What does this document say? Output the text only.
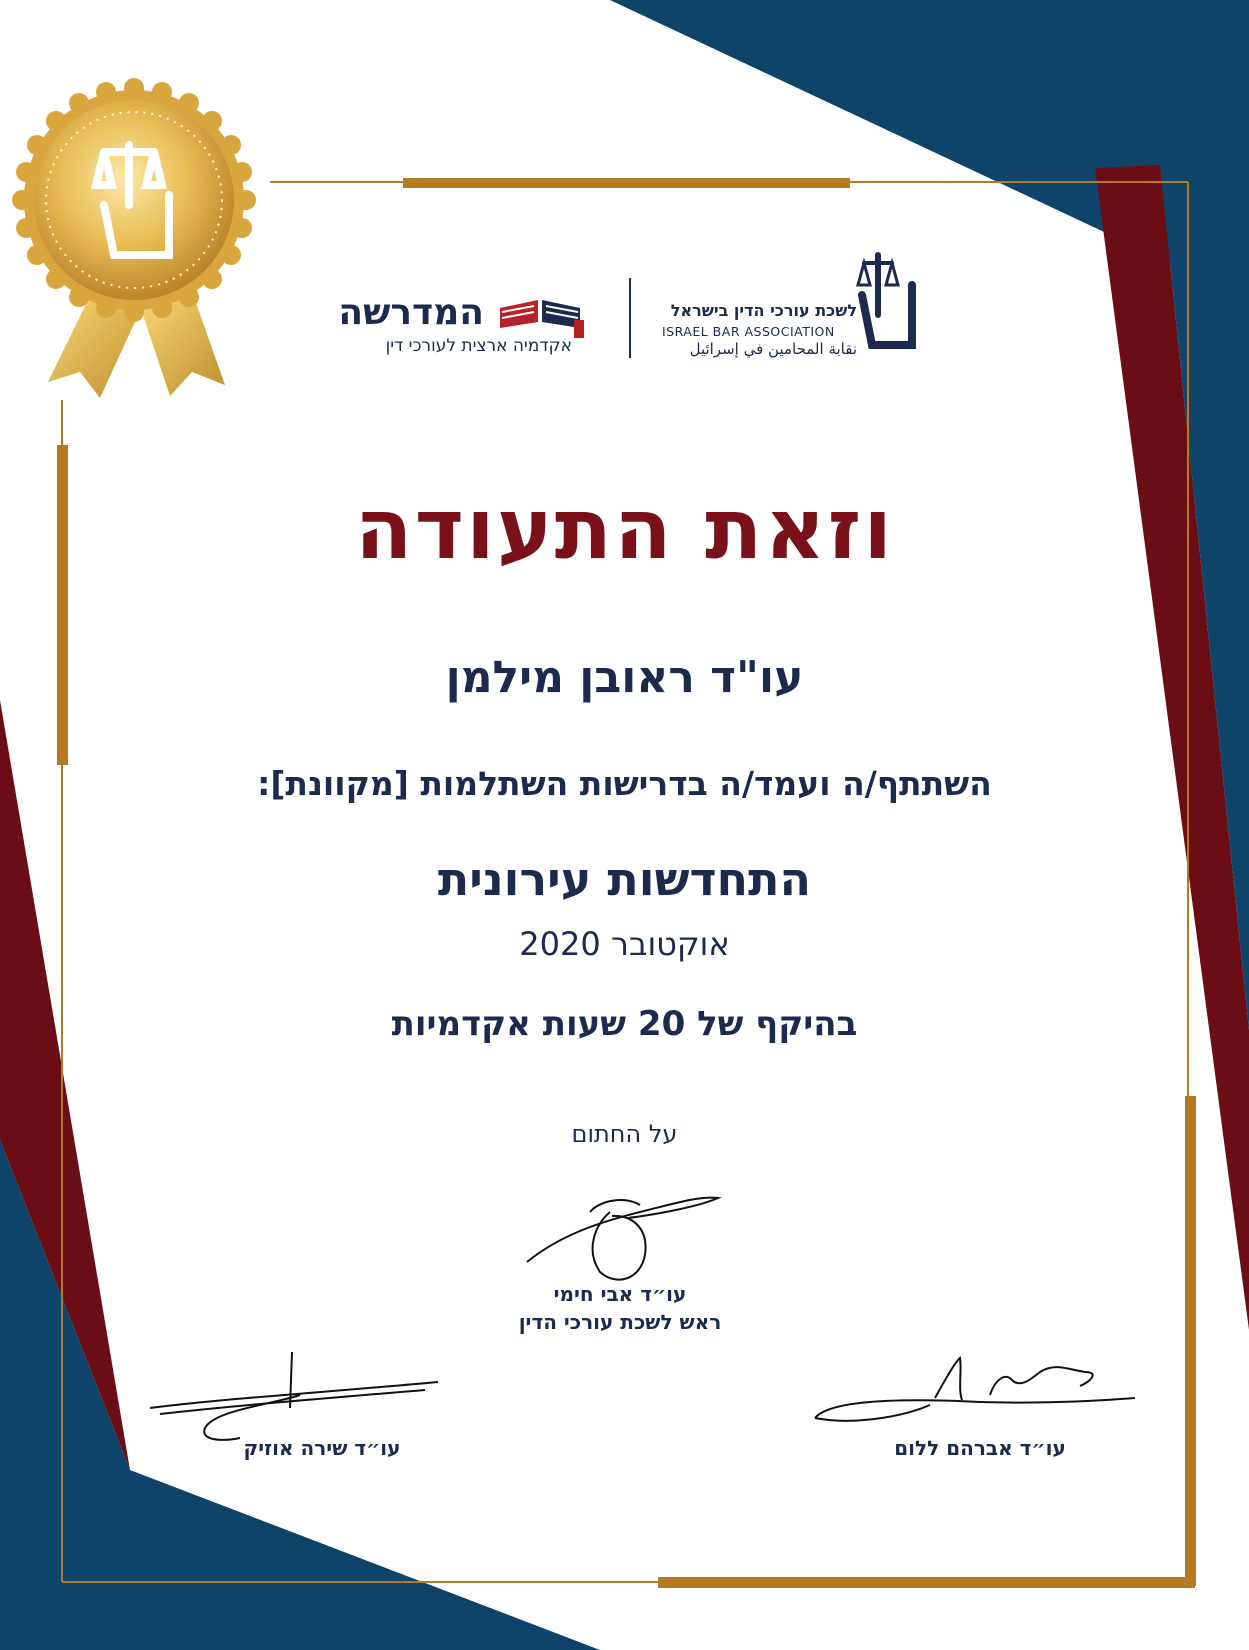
לשכת עורכי הדין בישראל
ISRAEL BAR ASSOCIATION
نقابة المحامين في إسرائيل
המדרשה
אקדמיה ארצית לעורכי דין
וזאת התעודה
עו"ד ראובן מילמן
השתתף/ה ועמד/ה בדרישות השתלמות [מקוונת]:
התחדשות עירונית
אוקטובר 2020
בהיקף של 20 שעות אקדמיות
על החתום
עו״ד אבי חימי
ראש לשכת עורכי הדין
עו״ד שירה אוזיק	עו״ד אברהם ללום
